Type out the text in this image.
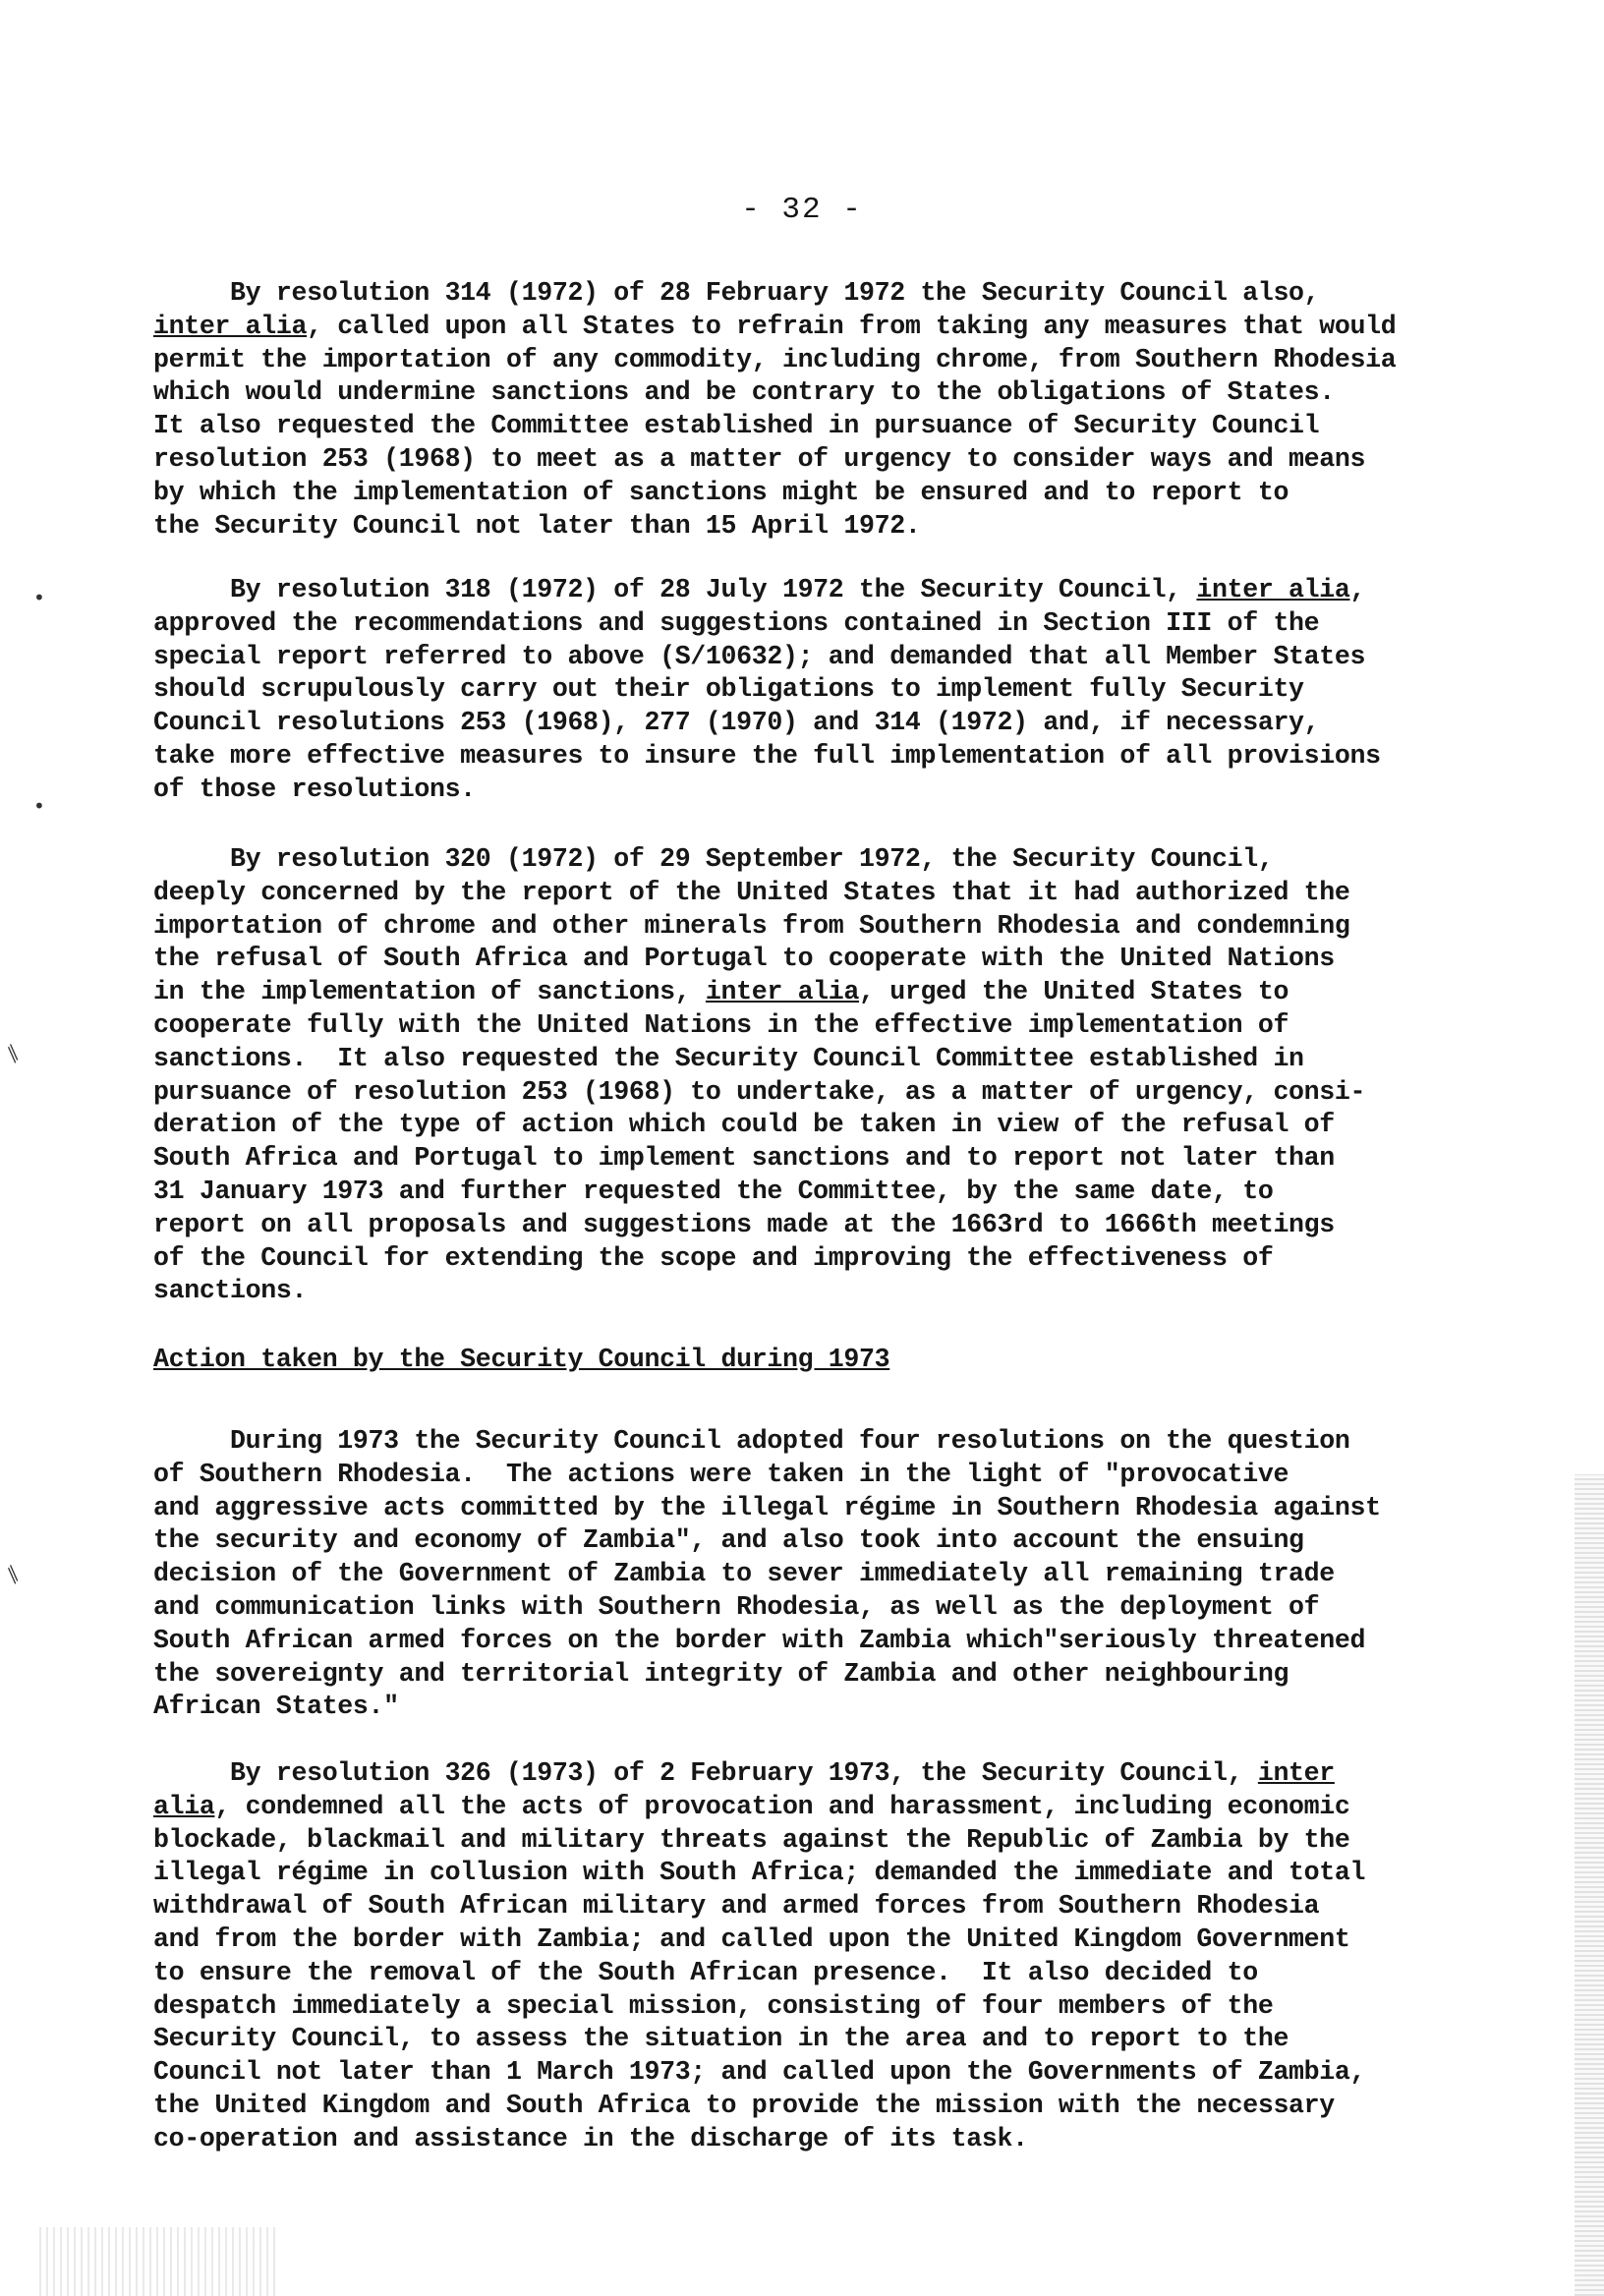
- 32 -

By resolution 314 (1972) of 28 February 1972 the Security Council also,
inter alia, called upon all States to refrain from taking any measures that would
permit the importation of any commodity, including chrome, from Southern Rhodesia
which would undermine sanctions and be contrary to the obligations of States.
It also requested the Committee established in pursuance of Security Council
resolution 253 (1968) to meet as a matter of urgency to consider ways and means
by which the implementation of sanctions might be ensured and to report to
the Security Council not later than 15 April 1972.

By resolution 318 (1972) of 28 July 1972 the Security Council, inter alia,
approved the recommendations and suggestions contained in Section III of the
special report referred to above (S/10632); and demanded that all Member States
should scrupulously carry out their obligations to implement fully Security
Council resolutions 253 (1968), 277 (1970) and 314 (1972) and, if necessary,
take more effective measures to insure the full implementation of all provisions
of those resolutions.

By resolution 320 (1972) of 29 September 1972, the Security Council,
deeply concerned by the report of the United States that it had authorized the
importation of chrome and other minerals from Southern Rhodesia and condemning
the refusal of South Africa and Portugal to cooperate with the United Nations
in the implementation of sanctions, inter alia, urged the United States to
cooperate fully with the United Nations in the effective implementation of
sanctions.  It also requested the Security Council Committee established in
pursuance of resolution 253 (1968) to undertake, as a matter of urgency, consi-
deration of the type of action which could be taken in view of the refusal of
South Africa and Portugal to implement sanctions and to report not later than
31 January 1973 and further requested the Committee, by the same date, to
report on all proposals and suggestions made at the 1663rd to 1666th meetings
of the Council for extending the scope and improving the effectiveness of
sanctions.

Action taken by the Security Council during 1973

During 1973 the Security Council adopted four resolutions on the question
of Southern Rhodesia.  The actions were taken in the light of "provocative
and aggressive acts committed by the illegal régime in Southern Rhodesia against
the security and economy of Zambia", and also took into account the ensuing
decision of the Government of Zambia to sever immediately all remaining trade
and communication links with Southern Rhodesia, as well as the deployment of
South African armed forces on the border with Zambia which"seriously threatened
the sovereignty and territorial integrity of Zambia and other neighbouring
African States."

By resolution 326 (1973) of 2 February 1973, the Security Council, inter
alia, condemned all the acts of provocation and harassment, including economic
blockade, blackmail and military threats against the Republic of Zambia by the
illegal régime in collusion with South Africa; demanded the immediate and total
withdrawal of South African military and armed forces from Southern Rhodesia
and from the border with Zambia; and called upon the United Kingdom Government
to ensure the removal of the South African presence.  It also decided to
despatch immediately a special mission, consisting of four members of the
Security Council, to assess the situation in the area and to report to the
Council not later than 1 March 1973; and called upon the Governments of Zambia,
the United Kingdom and South Africa to provide the mission with the necessary
co-operation and assistance in the discharge of its task.

•
•
⁄⁄
⁄⁄
